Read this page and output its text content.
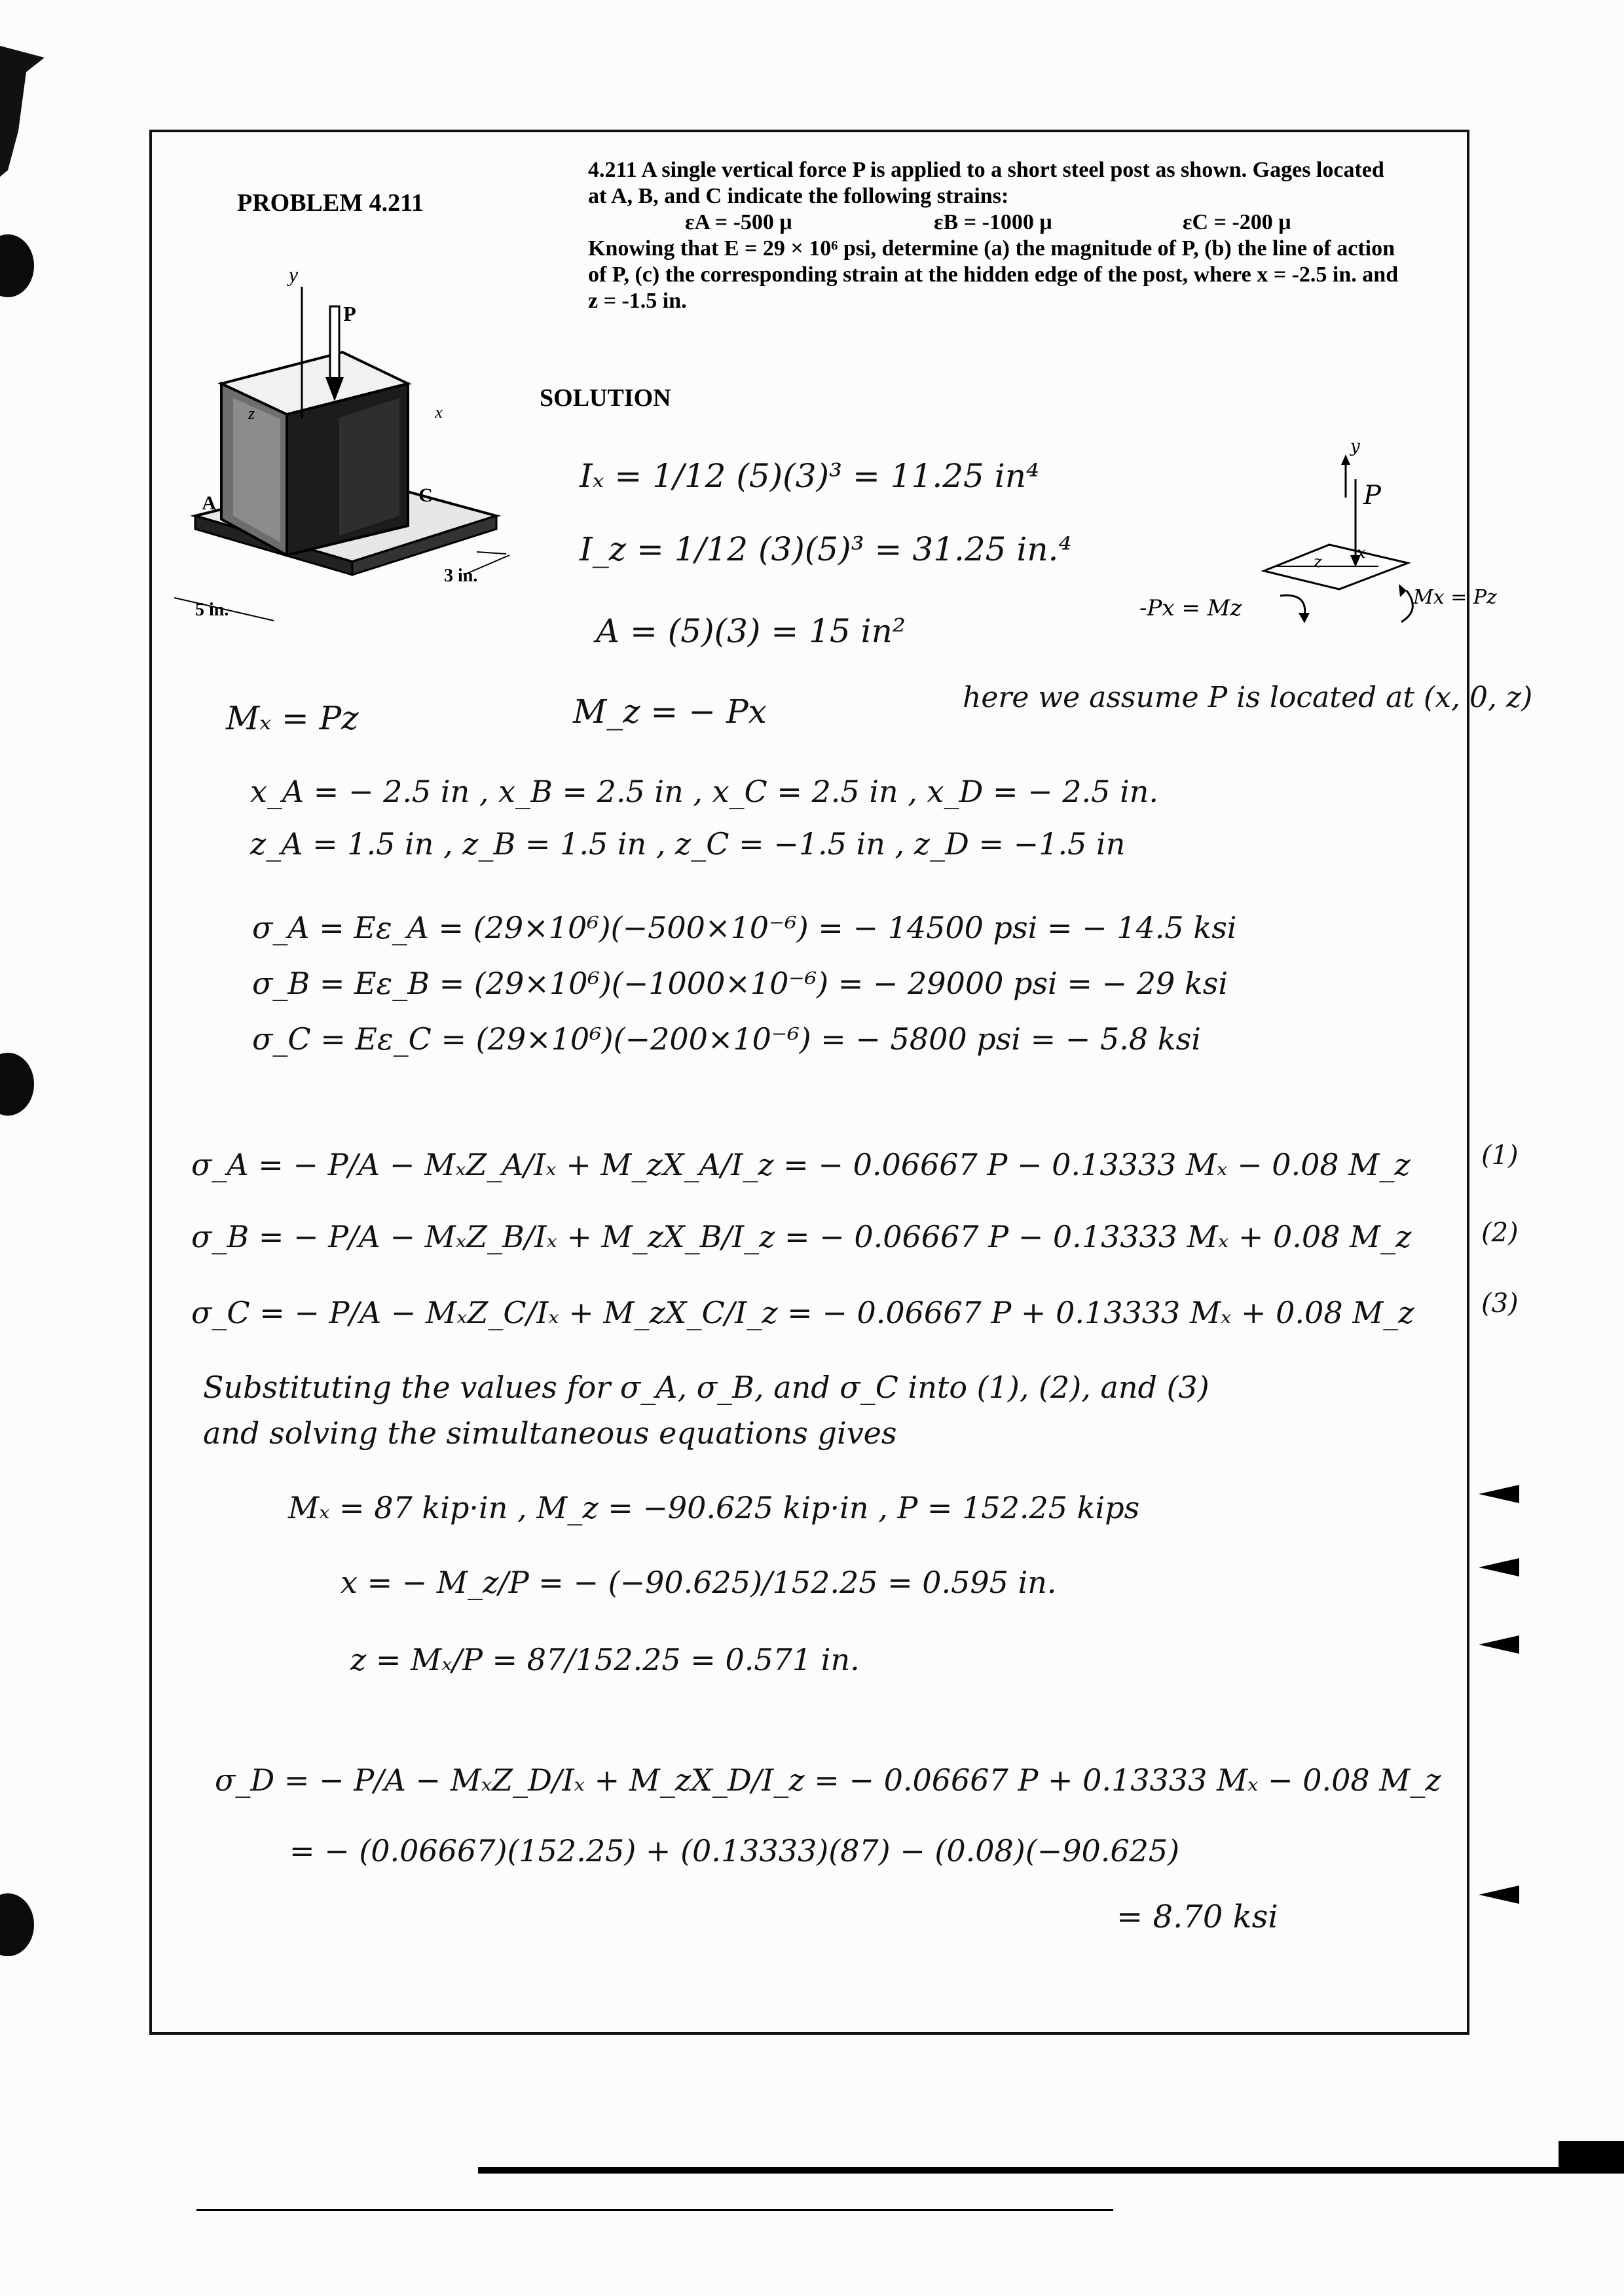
PROBLEM 4.211
4.211 A single vertical force P is applied to a short steel post as shown. Gages located
at A, B, and C indicate the following strains:
εA = -500 μ	εB = -1000 μ	εC = -200 μ
Knowing that E = 29 × 10⁶ psi, determine (a) the magnitude of P, (b) the line of action
of P, (c) the corresponding strain at the hidden edge of the post, where x = -2.5 in. and
z = -1.5 in.
SOLUTION
y
P
z	x
A	C
3 in.
5 in.
Iₓ = 1/12 (5)(3)³ = 11.25 in⁴
I_z = 1/12 (3)(5)³ = 31.25 in.⁴
A = (5)(3) = 15 in²
y
P
z x
-Px = Mz	Mx = Pz
Mₓ = Pz	M_z = − Px	here we assume P is located at (x, 0, z)
x_A = − 2.5 in , x_B = 2.5 in , x_C = 2.5 in , x_D = − 2.5 in.
z_A = 1.5 in , z_B = 1.5 in , z_C = −1.5 in , z_D = −1.5 in
σ_A = Eε_A = (29×10⁶)(−500×10⁻⁶) = − 14500 psi = − 14.5 ksi
σ_B = Eε_B = (29×10⁶)(−1000×10⁻⁶) = − 29000 psi = − 29 ksi
σ_C = Eε_C = (29×10⁶)(−200×10⁻⁶) = − 5800 psi = − 5.8 ksi
σ_A = − P/A − MₓZ_A/Iₓ + M_zX_A/I_z = − 0.06667 P − 0.13333 Mₓ − 0.08 M_z	(1)
σ_B = − P/A − MₓZ_B/Iₓ + M_zX_B/I_z = − 0.06667 P − 0.13333 Mₓ + 0.08 M_z	(2)
σ_C = − P/A − MₓZ_C/Iₓ + M_zX_C/I_z = − 0.06667 P + 0.13333 Mₓ + 0.08 M_z	(3)
Substituting the values for σ_A, σ_B, and σ_C into (1), (2), and (3)
and solving the simultaneous equations gives
Mₓ = 87 kip·in , M_z = −90.625 kip·in , P = 152.25 kips
x = − M_z/P = − (−90.625)/152.25 = 0.595 in.
z = Mₓ/P = 87/152.25 = 0.571 in.
σ_D = − P/A − MₓZ_D/Iₓ + M_zX_D/I_z = − 0.06667 P + 0.13333 Mₓ − 0.08 M_z
= − (0.06667)(152.25) + (0.13333)(87) − (0.08)(−90.625)
= 8.70 ksi
